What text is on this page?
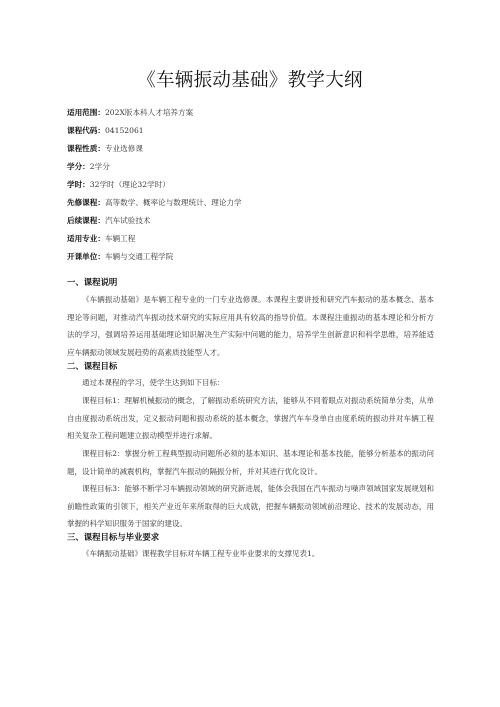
《车辆振动基础》教学大纲
适用范围：202X版本科人才培养方案
课程代码：04152061
课程性质：专业选修课
学分：2学分
学时：32学时（理论32学时）
先修课程：高等数学、概率论与数理统计、理论力学
后续课程：汽车试验技术
适用专业：车辆工程
开课单位：车辆与交通工程学院
一、课程说明
《车辆振动基础》是车辆工程专业的一门专业选修课。本课程主要讲授和研究汽车振动的基本概念、基本理论等问题，对推动汽车振动技术研究的实际应用具有较高的指导价值。本课程注重振动的基本理论和分析方法的学习，强调培养运用基础理论知识解决生产实际中问题的能力，培养学生创新意识和科学思维，培养能适应车辆振动领域发展趋势的高素质技能型人才。
二、课程目标
通过本课程的学习，使学生达到如下目标：
课程目标1：理解机械振动的概念，了解振动系统研究方法，能够从不同着眼点对振动系统简单分类，从单自由度振动系统出发，定义振动问题和振动系统的基本概念，掌握汽车车身单自由度系统的振动并对车辆工程相关复杂工程问题建立振动模型并进行求解。
课程目标2：掌握分析工程典型振动问题所必须的基本知识、基本理论和基本技能，能够分析基本的振动问题，设计简单的减震机构，掌握汽车振动的隔振分析，并对其进行优化设计。
课程目标3：能够不断学习车辆振动领域的研究新进展，能体会我国在汽车振动与噪声领域国家发展规划和前瞻性政策的引领下，相关产业近年来所取得的巨大成就，把握车辆振动领域前沿理论、技术的发展动态，用掌握的科学知识服务于国家的建设。
三、课程目标与毕业要求
《车辆振动基础》课程教学目标对车辆工程专业毕业要求的支撑见表1。
